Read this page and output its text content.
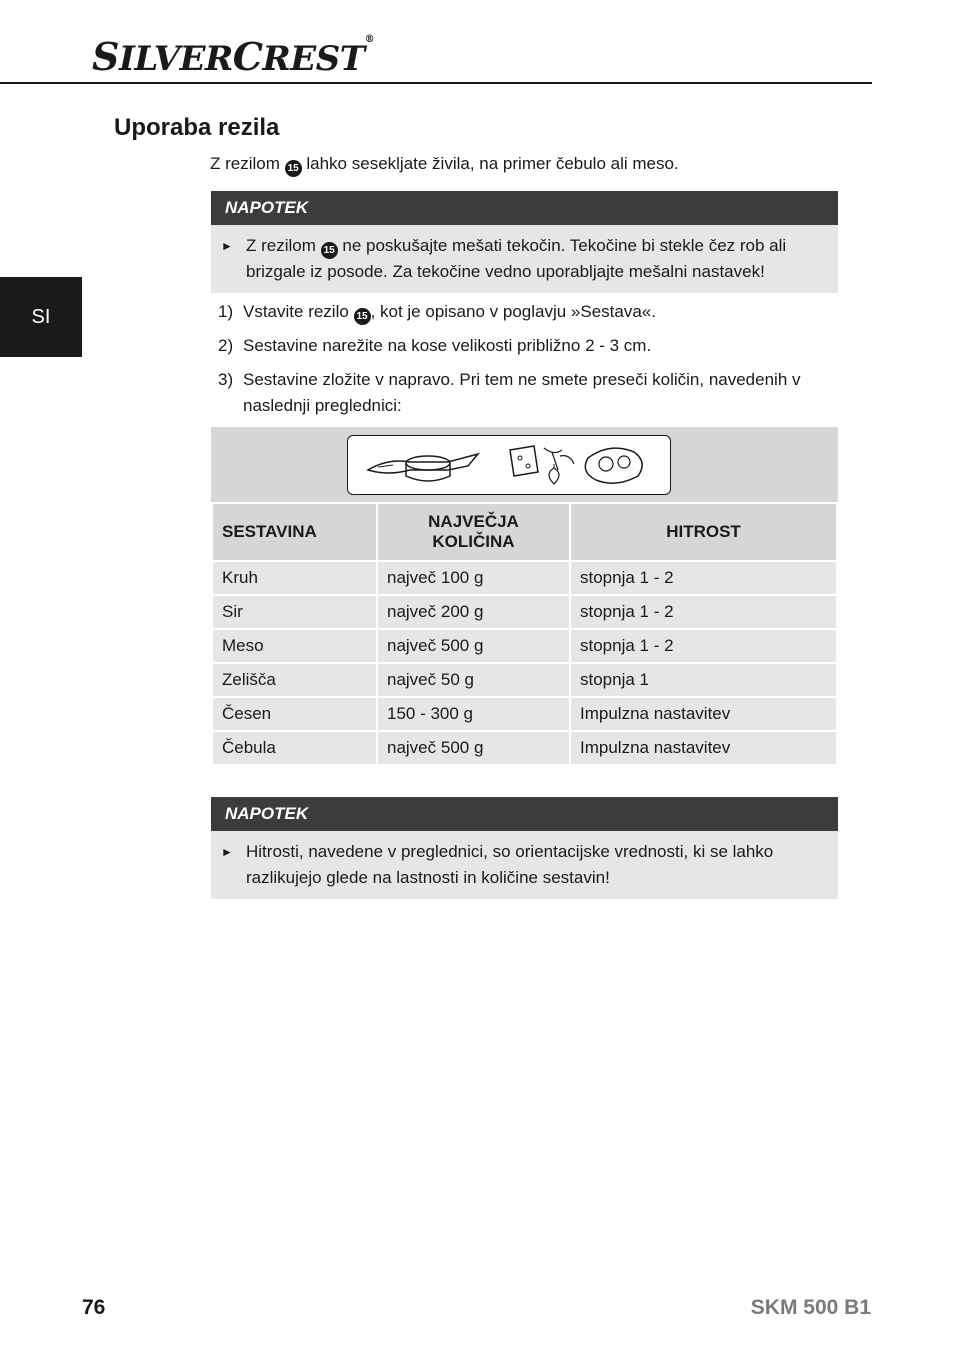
SILVERCREST®
SI
Uporaba rezila
Z rezilom 15 lahko sesekljate živila, na primer čebulo ali meso.
NAPOTEK
► Z rezilom 15 ne poskušajte mešati tekočin. Tekočine bi stekle čez rob ali brizgale iz posode. Za tekočine vedno uporabljajte mešalni nastavek!
1) Vstavite rezilo 15 , kot je opisano v poglavju »Sestava«.
2) Sestavine narežite na kose velikosti približno 2 - 3 cm.
3) Sestavine zložite v napravo. Pri tem ne smete preseči količin, navedenih v naslednji preglednici:
SESTAVINA	NAJVEČJA KOLIČINA	HITROST
Kruh	največ 100 g	stopnja 1 - 2
Sir	največ 200 g	stopnja 1 - 2
Meso	največ 500 g	stopnja 1 - 2
Zelišča	največ 50 g	stopnja 1
Česen	150 - 300 g	Impulzna nastavitev
Čebula	največ 500 g	Impulzna nastavitev
NAPOTEK
► Hitrosti, navedene v preglednici, so orientacijske vrednosti, ki se lahko razlikujejo glede na lastnosti in količine sestavin!
76	SKM 500 B1
